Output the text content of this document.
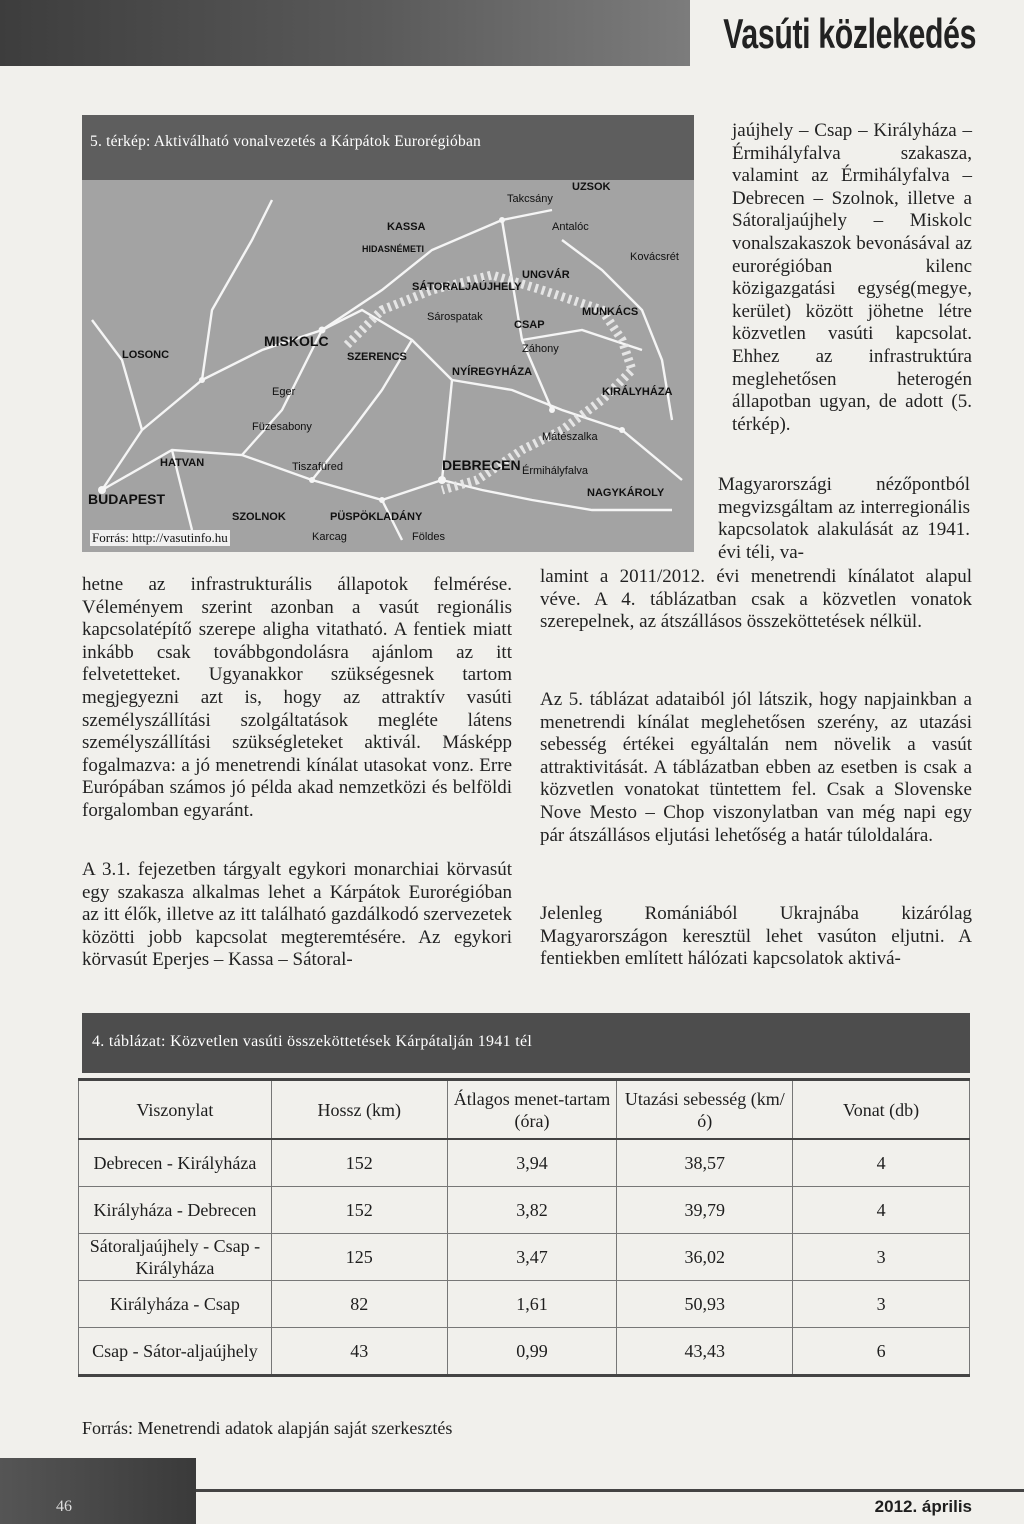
Vasúti közlekedés
5. térkép: Aktiválható vonalvezetés a Kárpátok Eurorégióban
BUDAPEST
MISKOLC
DEBRECEN
KASSA
HATVAN
UZSOK
NYÍREGYHÁZA
KIRÁLYHÁZA
CSAP
UNGVÁR
MUNKÁCS
SZOLNOK
Érmihályfalva
SÁTORALJAÚJHELY
Eger
Tiszafüred
PÜSPÖKLADÁNY
Takcsány
LOSONC	SZERENCS
HIDASNÉMETI
Antalóc
Kovácsrét
Záhony
Földes
Karcag
Füzesabony
Sárospatak
Mátészalka
NAGYKÁROLY
Forrás: http://vasutinfo.hu

jaújhely – Csap – Királyháza – Érmihályfalva szakasza, valamint az Érmihályfalva – Debrecen – Szolnok, illetve a Sátoraljaújhely – Miskolc vonalszakaszok bevonásával az eurorégióban kilenc közigazgatási egység(megye, kerület) között jöhetne létre közvetlen vasúti kapcsolat. Ehhez az infrastruktúra meglehetősen heterogén állapotban ugyan, de adott (5. térkép).

Magyarországi nézőpontból megvizsgáltam az interregionális kapcsolatok alakulását az 1941. évi téli, va-

lamint a 2011/2012. évi menetrendi kínálatot alapul véve. A 4. táblázatban csak a közvetlen vonatok szerepelnek, az átszállásos összeköttetések nélkül.

Az 5. táblázat adataiból jól látszik, hogy napjainkban a menetrendi kínálat meglehetősen szerény, az utazási sebesség értékei egyáltalán nem növelik a vasút attraktivitását. A táblázatban ebben az esetben is csak a közvetlen vonatokat tüntettem fel. Csak a Slovenske Nove Mesto – Chop viszonylatban van még napi egy pár átszállásos eljutási lehetőség a határ túloldalára.

Jelenleg Romániából Ukrajnába kizárólag Magyarországon keresztül lehet vasúton eljutni. A fentiekben említett hálózati kapcsolatok aktivá-

hetne az infrastrukturális állapotok felmérése. Véleményem szerint azonban a vasút regionális kapcsolatépítő szerepe aligha vitatható. A fentiek miatt inkább csak továbbgondolásra ajánlom az itt felvetetteket. Ugyanakkor szükségesnek tartom megjegyezni azt is, hogy az attraktív vasúti személyszállítási szolgáltatások megléte látens személyszállítási szükségleteket aktivál. Másképp fogalmazva: a jó menetrendi kínálat utasokat vonz. Erre Európában számos jó példa akad nemzetközi és belföldi forgalomban egyaránt.

A 3.1. fejezetben tárgyalt egykori monarchiai körvasút egy szakasza alkalmas lehet a Kárpátok Eurorégióban az itt élők, illetve az itt található gazdálkodó szervezetek közötti jobb kapcsolat megteremtésére. Az egykori körvasút Eperjes – Kassa – Sátoral-

4. táblázat: Közvetlen vasúti összeköttetések Kárpátalján 1941 tél
Viszonylat	Hossz (km)	Átlagos menet-tartam (óra)	Utazási sebesség (km/ó)	Vonat (db)
Debrecen - Királyháza	152	3,94	38,57	4
Királyháza - Debrecen	152	3,82	39,79	4
Sátoraljaújhely - Csap - Királyháza	125	3,47	36,02	3
Királyháza - Csap	82	1,61	50,93	3
Csap - Sátor-aljaújhely	43	0,99	43,43	6

Forrás: Menetrendi adatok alapján saját szerkesztés

46	2012. április
